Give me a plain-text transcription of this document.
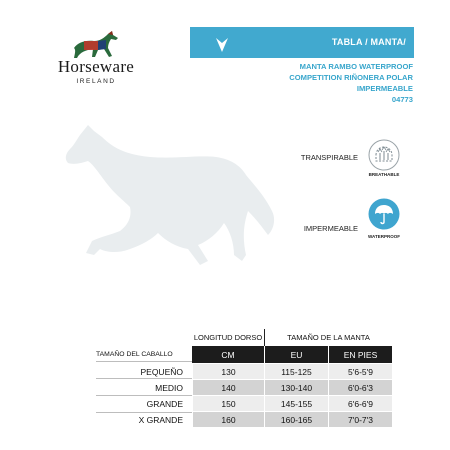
Horseware
IRELAND
TABLA / MANTA/
MANTA RAMBO WATERPROOF
COMPETITION RIÑONERA POLAR
IMPERMEABLE
04773
TRANSPIRABLE
BREATHABLE
IMPERMEABLE
WATERPROOF
	LONGITUD DORSO	TAMAÑO DE LA MANTA	
TAMAÑO DEL CABALLO	CM	EU	EN PIES
PEQUEÑO	130	115-125	5'6-5'9
MEDIO	140	130-140	6'0-6'3
GRANDE	150	145-155	6'6-6'9
X GRANDE	160	160-165	7'0-7'3
